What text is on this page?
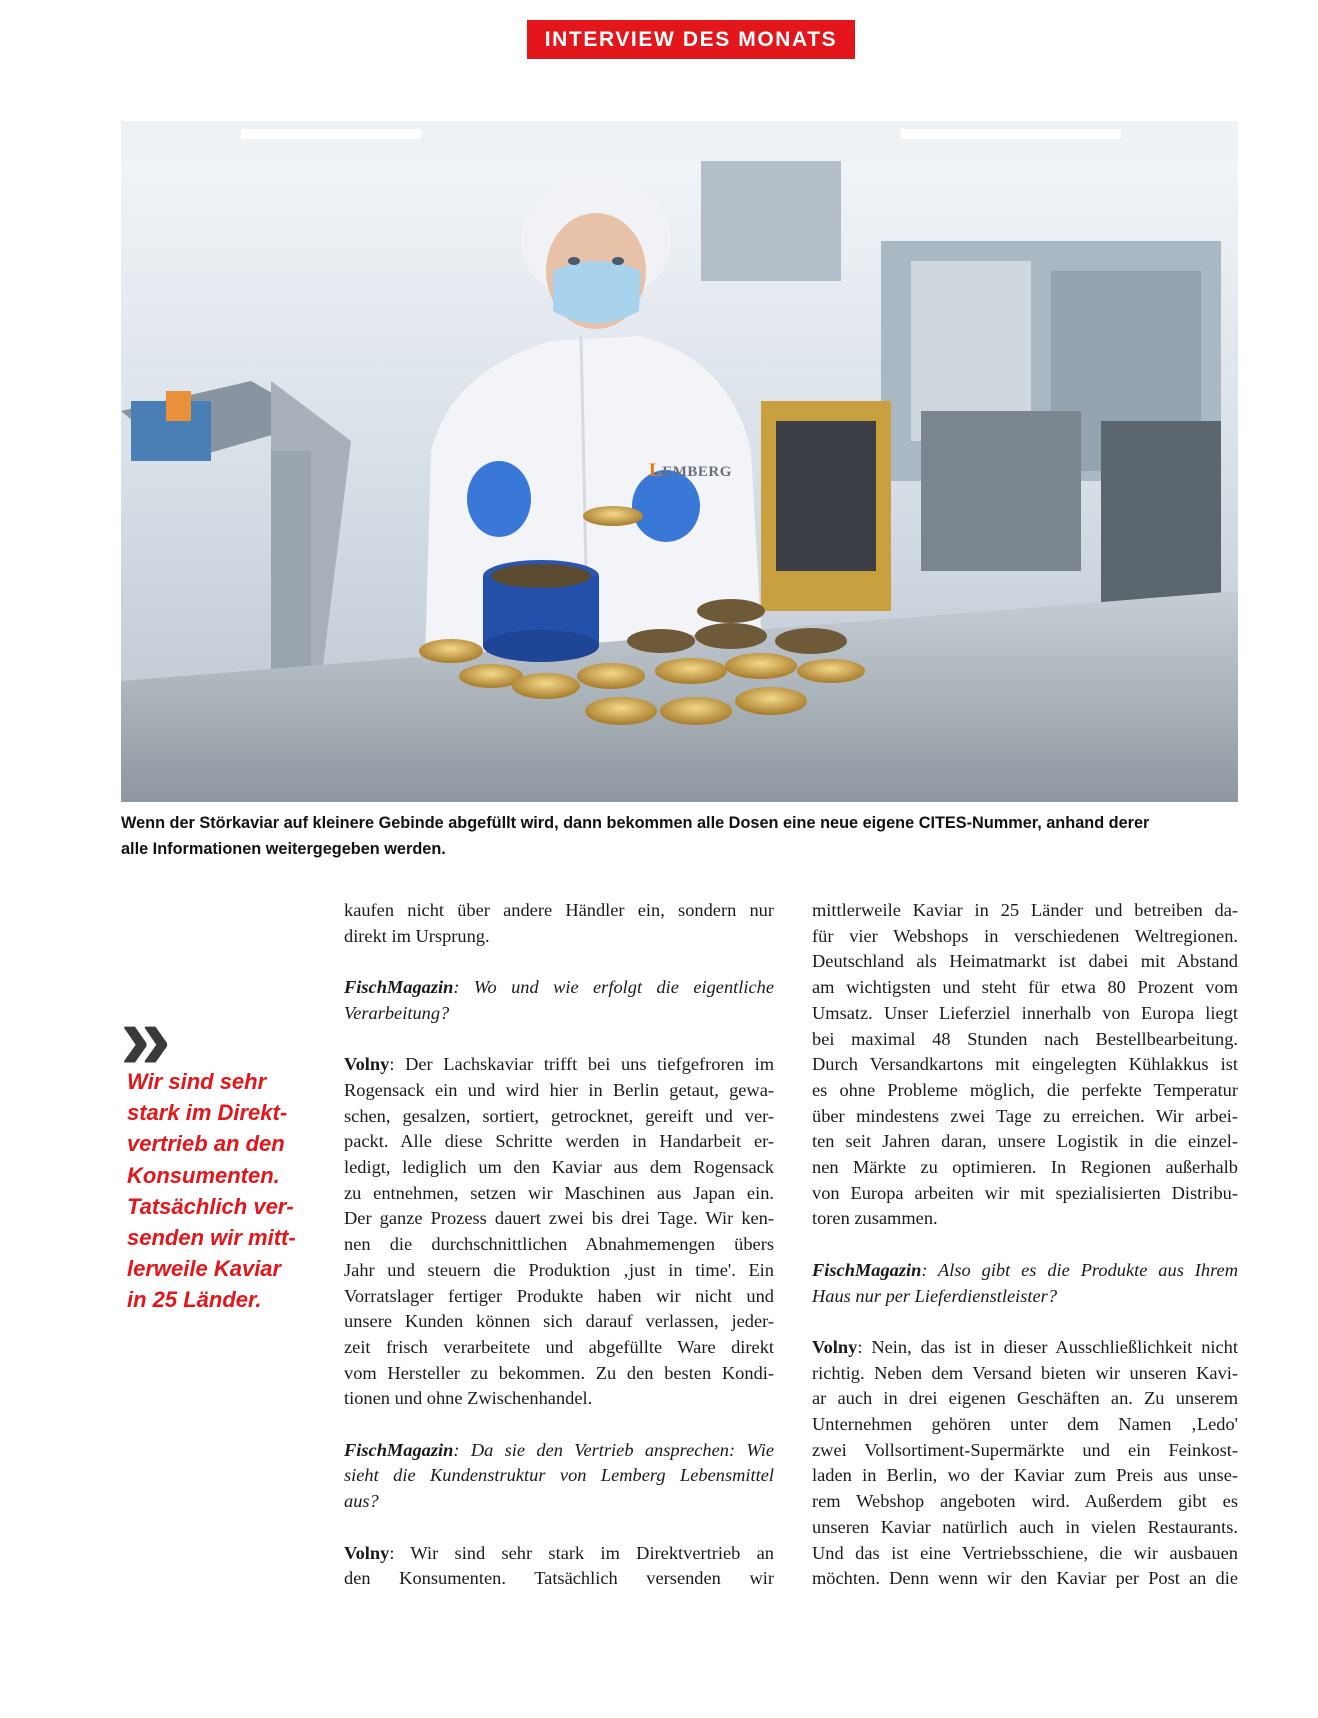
INTERVIEW DES MONATS
LEMBERG
Wenn der Störkaviar auf kleinere Gebinde abgefüllt wird, dann bekommen alle Dosen eine neue eigene CITES-Nummer, anhand derer
alle Informationen weitergegeben werden.
»
Wir sind sehr
stark im Direkt-
vertrieb an den
Konsumenten.
Tatsächlich ver-
senden wir mitt-
lerweile Kaviar
in 25 Länder.

kaufen nicht über andere Händler ein, sondern nur
direkt im Ursprung.

FischMagazin: Wo und wie erfolgt die eigentliche
Verarbeitung?

Volny: Der Lachskaviar trifft bei uns tiefgefroren im
Rogensack ein und wird hier in Berlin getaut, gewa-
schen, gesalzen, sortiert, getrocknet, gereift und ver-
packt. Alle diese Schritte werden in Handarbeit er-
ledigt, lediglich um den Kaviar aus dem Rogensack
zu entnehmen, setzen wir Maschinen aus Japan ein.
Der ganze Prozess dauert zwei bis drei Tage. Wir ken-
nen die durchschnittlichen Abnahmemengen übers
Jahr und steuern die Produktion ‚just in time'. Ein
Vorratslager fertiger Produkte haben wir nicht und
unsere Kunden können sich darauf verlassen, jeder-
zeit frisch verarbeitete und abgefüllte Ware direkt
vom Hersteller zu bekommen. Zu den besten Kondi-
tionen und ohne Zwischenhandel.

FischMagazin: Da sie den Vertrieb ansprechen: Wie
sieht die Kundenstruktur von Lemberg Lebensmittel
aus?

Volny: Wir sind sehr stark im Direktvertrieb an
den Konsumenten. Tatsächlich versenden wir

mittlerweile Kaviar in 25 Länder und betreiben da-
für vier Webshops in verschiedenen Weltregionen.
Deutschland als Heimatmarkt ist dabei mit Abstand
am wichtigsten und steht für etwa 80 Prozent vom
Umsatz. Unser Lieferziel innerhalb von Europa liegt
bei maximal 48 Stunden nach Bestellbearbeitung.
Durch Versandkartons mit eingelegten Kühlakkus ist
es ohne Probleme möglich, die perfekte Temperatur
über mindestens zwei Tage zu erreichen. Wir arbei-
ten seit Jahren daran, unsere Logistik in die einzel-
nen Märkte zu optimieren. In Regionen außerhalb
von Europa arbeiten wir mit spezialisierten Distribu-
toren zusammen.

FischMagazin: Also gibt es die Produkte aus Ihrem
Haus nur per Lieferdienstleister?

Volny: Nein, das ist in dieser Ausschließlichkeit nicht
richtig. Neben dem Versand bieten wir unseren Kavi-
ar auch in drei eigenen Geschäften an. Zu unserem
Unternehmen gehören unter dem Namen ‚Ledo'
zwei Vollsortiment-Supermärkte und ein Feinkost-
laden in Berlin, wo der Kaviar zum Preis aus unse-
rem Webshop angeboten wird. Außerdem gibt es
unseren Kaviar natürlich auch in vielen Restaurants.
Und das ist eine Vertriebsschiene, die wir ausbauen
möchten. Denn wenn wir den Kaviar per Post an die
